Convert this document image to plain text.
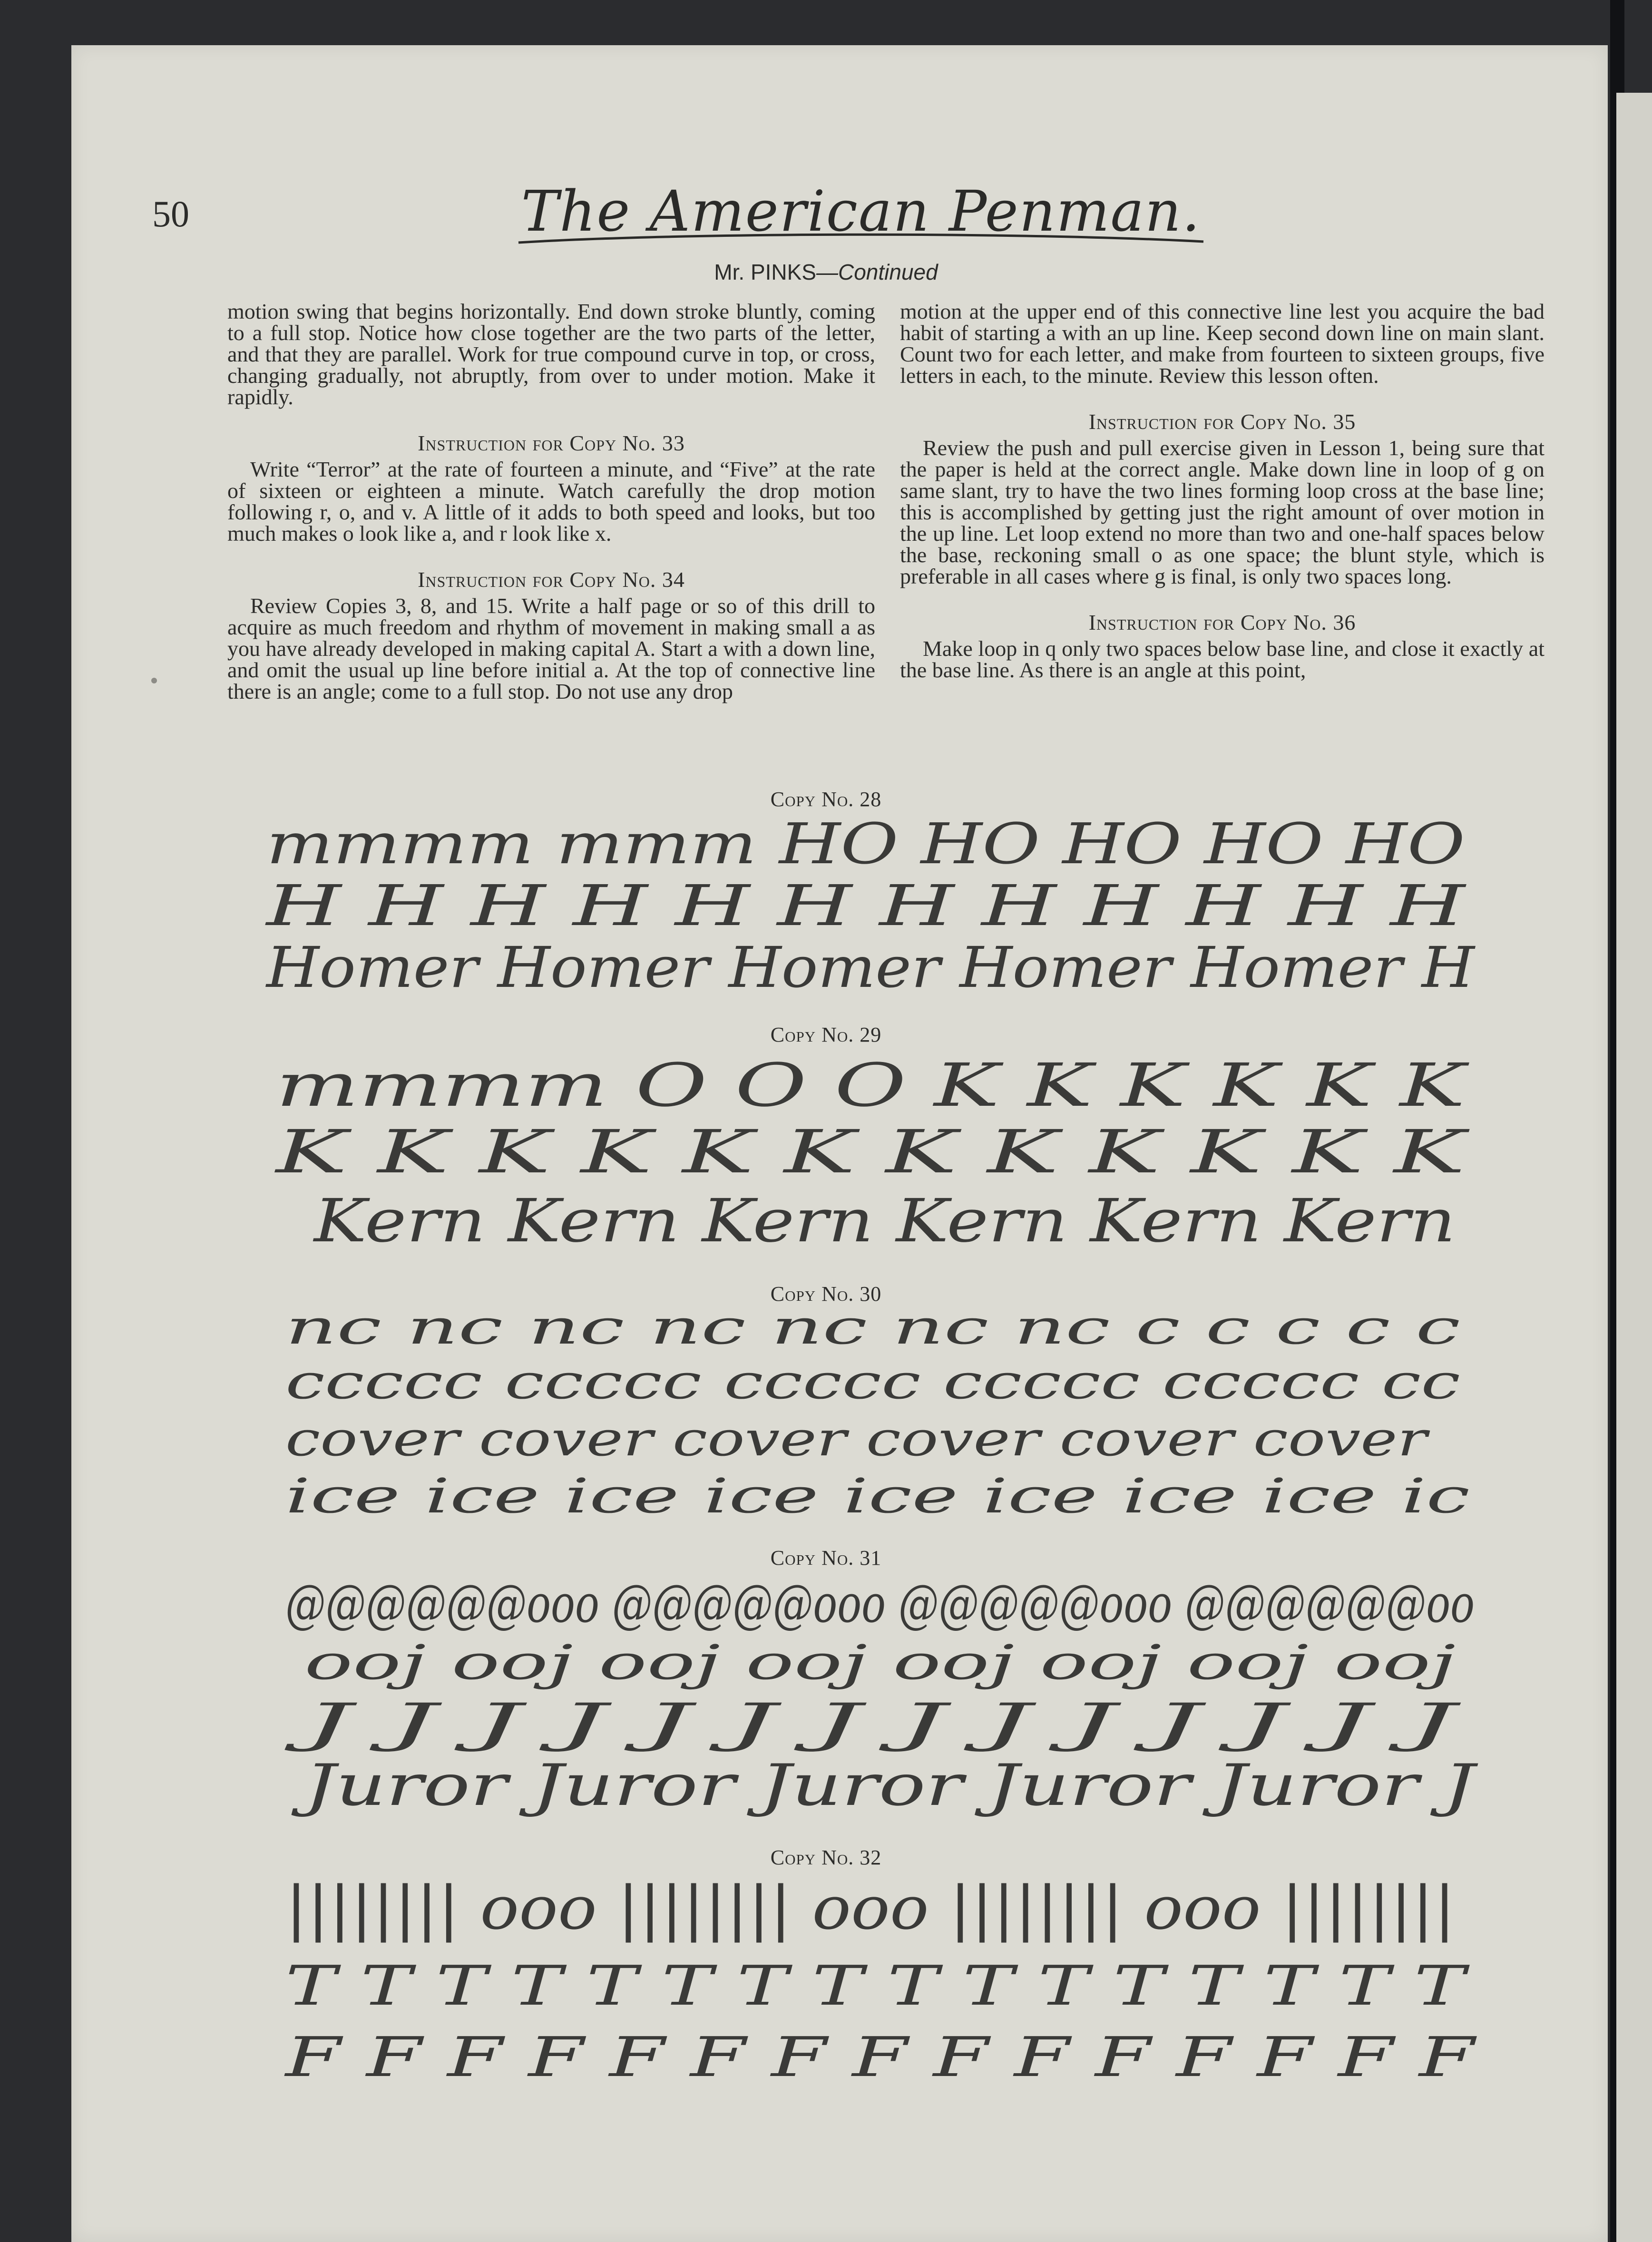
50	The American Penman.
Mr. PINKS—Continued

motion swing that begins horizontally. End down stroke bluntly, coming to a full stop. Notice how close together are the two parts of the letter, and that they are parallel. Work for true compound curve in top, or cross, changing gradually, not abruptly, from over to under motion. Make it rapidly.

Instruction for Copy No. 33

Write “Terror” at the rate of fourteen a minute, and “Five” at the rate of sixteen or eighteen a minute. Watch carefully the drop motion following r, o, and v. A little of it adds to both speed and looks, but too much makes o look like a, and r look like x.

Instruction for Copy No. 34

Review Copies 3, 8, and 15. Write a half page or so of this drill to acquire as much freedom and rhythm of movement in making small a as you have already developed in making capital A. Start a with a down line, and omit the usual up line before initial a. At the top of connective line there is an angle; come to a full stop. Do not use any drop

motion at the upper end of this connective line lest you acquire the bad habit of starting a with an up line. Keep second down line on main slant. Count two for each letter, and make from fourteen to sixteen groups, five letters in each, to the minute. Review this lesson often.

Instruction for Copy No. 35

Review the push and pull exercise given in Lesson 1, being sure that the paper is held at the correct angle. Make down line in loop of g on same slant, try to have the two lines forming loop cross at the base line; this is accomplished by getting just the right amount of over motion in the up line. Let loop extend no more than two and one-half spaces below the base, reckoning small o as one space; the blunt style, which is preferable in all cases where g is final, is only two spaces long.

Instruction for Copy No. 36

Make loop in q only two spaces below base line, and close it exactly at the base line. As there is an angle at this point,

Copy No. 28
mmmm mmm HO HO HO HO HO
H H H H H H H H H H H H
Homer Homer Homer Homer Homer H
Copy No. 29
mmmm O O O K K K K K K
K K K K K K K K K K K K
Kern Kern Kern Kern Kern Kern
Copy No. 30
nc nc nc nc nc nc nc c c c c c
ccccc ccccc ccccc ccccc ccccc cc
cover cover cover cover cover cover
ice ice ice ice ice ice ice ice ic
Copy No. 31
@@@@@@ooo @@@@@ooo @@@@@ooo @@@@@@oo
ooj ooj ooj ooj ooj ooj ooj ooj
J J J J J J J J J J J J J J
Juror Juror Juror Juror Juror J
Copy No. 32
|||||||| ooo |||||||| ooo |||||||| ooo ||||||||
T T T T T T T T T T T T T T T T
F F F F F F F F F F F F F F F
